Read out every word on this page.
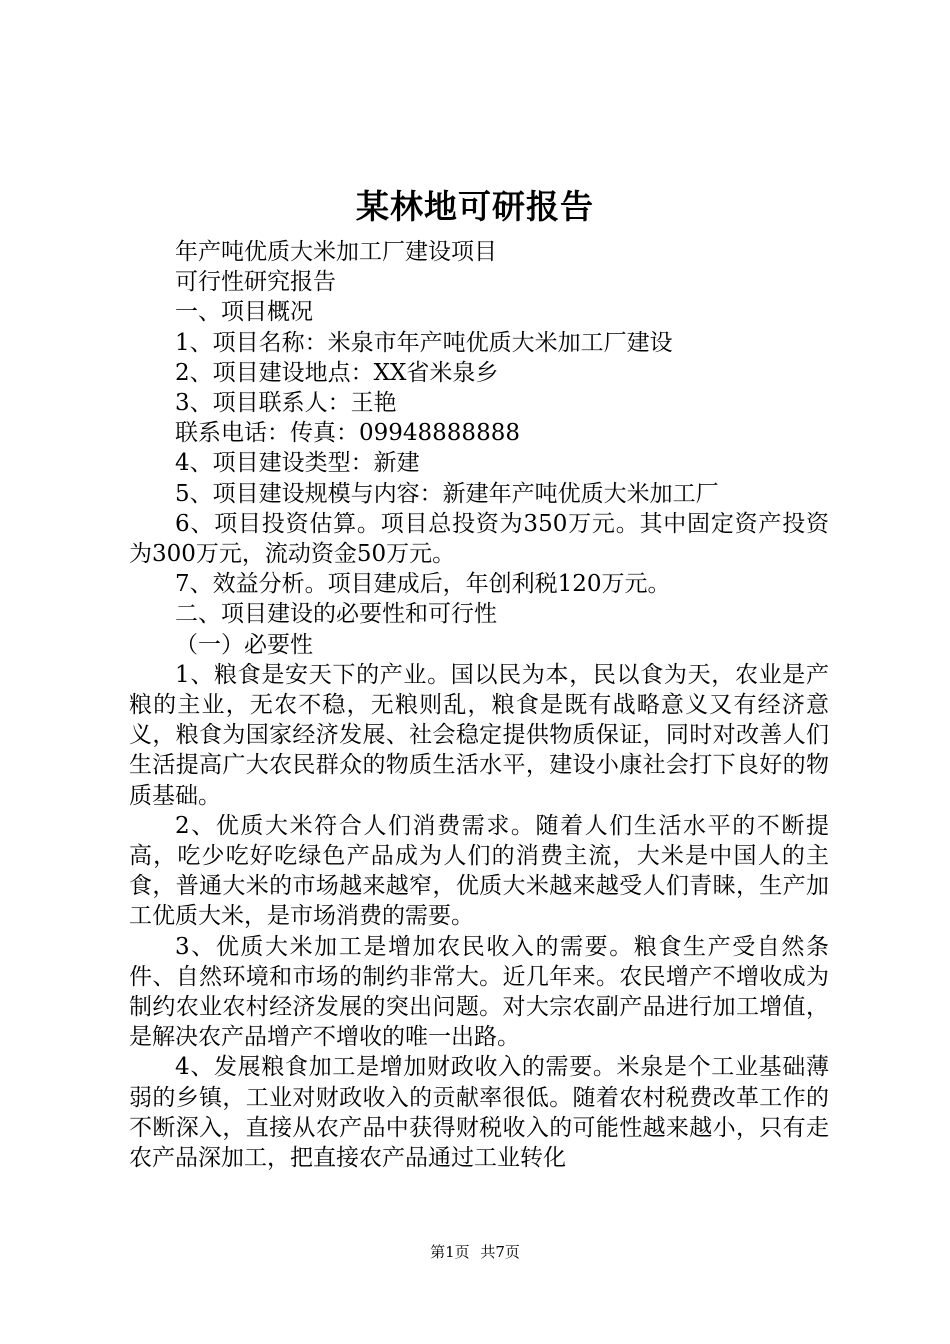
某林地可研报告

年产吨优质大米加工厂建设项目

可行性研究报告

一、项目概况

1、项目名称：米泉市年产吨优质大米加工厂建设

2、项目建设地点：XX省米泉乡

3、项目联系人：王艳

联系电话：传真：09948888888

4、项目建设类型：新建

5、项目建设规模与内容：新建年产吨优质大米加工厂

6、项目投资估算。项目总投资为350万元。其中固定资产投资为300万元，流动资金50万元。

7、效益分析。项目建成后，年创利税120万元。

二、项目建设的必要性和可行性

（一）必要性

1、粮食是安天下的产业。国以民为本，民以食为天，农业是产粮的主业，无农不稳，无粮则乱，粮食是既有战略意义又有经济意义，粮食为国家经济发展、社会稳定提供物质保证，同时对改善人们生活提高广大农民群众的物质生活水平，建设小康社会打下良好的物质基础。

2、优质大米符合人们消费需求。随着人们生活水平的不断提高，吃少吃好吃绿色产品成为人们的消费主流，大米是中国人的主食，普通大米的市场越来越窄，优质大米越来越受人们青睐，生产加工优质大米，是市场消费的需要。

3、优质大米加工是增加农民收入的需要。粮食生产受自然条件、自然环境和市场的制约非常大。近几年来。农民增产不增收成为制约农业农村经济发展的突出问题。对大宗农副产品进行加工增值，是解决农产品增产不增收的唯一出路。

4、发展粮食加工是增加财政收入的需要。米泉是个工业基础薄弱的乡镇，工业对财政收入的贡献率很低。随着农村税费改革工作的不断深入，直接从农产品中获得财税收入的可能性越来越小，只有走农产品深加工，把直接农产品通过工业转化

第1页 共7页
